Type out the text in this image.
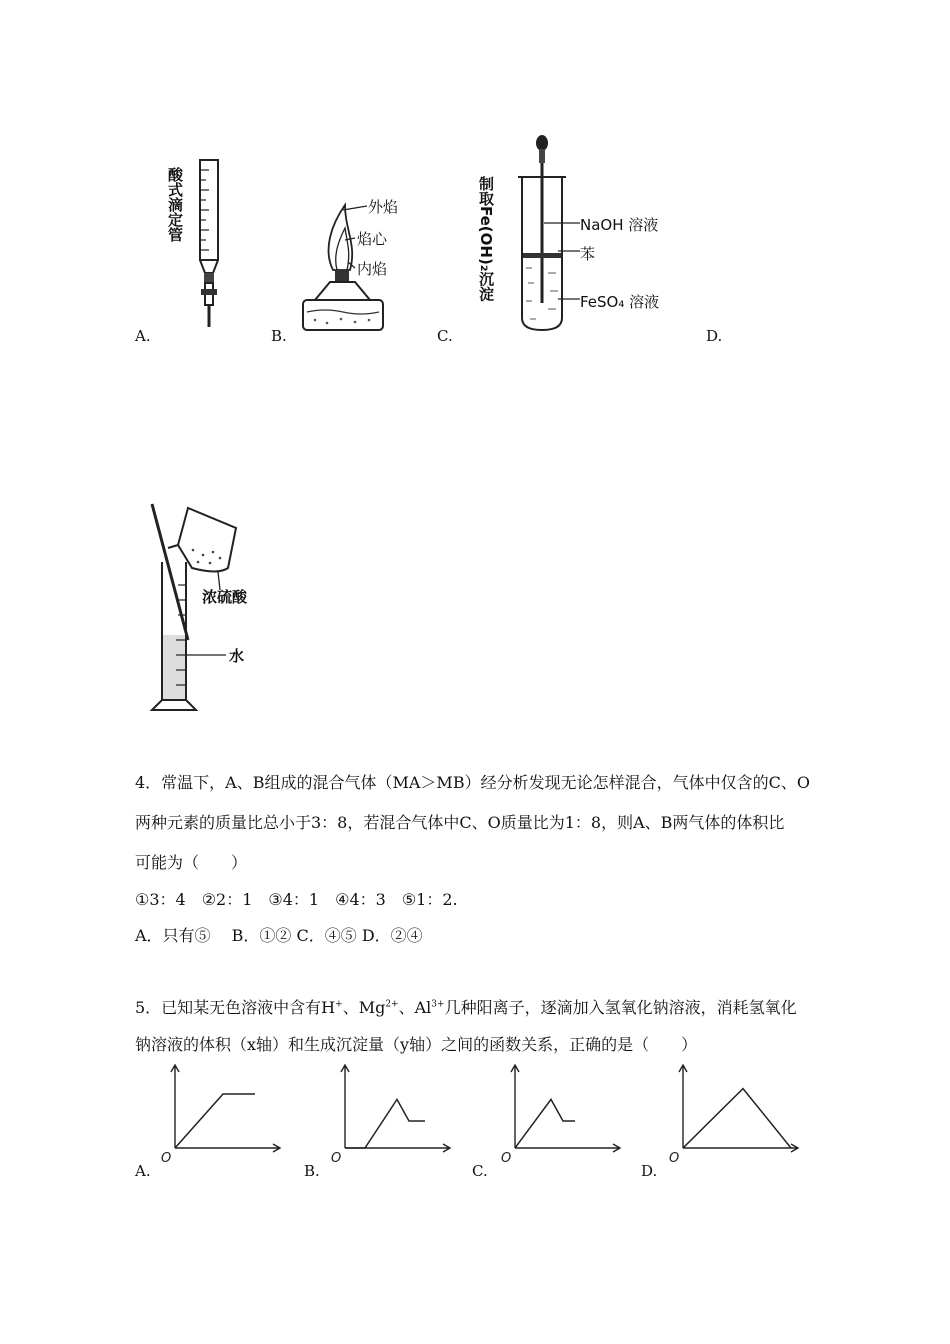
酸式滴定管
A.
外焰
焰心
内焰
B.	C.
制取Fe(OH)₂沉淀	NaOH 溶液
苯
FeSO₄ 溶液
D.
浓硫酸
水
4．常温下，A、B组成的混合气体（MA＞MB）经分析发现无论怎样混合，气体中仅含的C、O
两种元素的质量比总小于3：8，若混合气体中C、O质量比为1：8，则A、B两气体的体积比
可能为（　　）
①3：4　②2：1　③4：1　④4：3　⑤1：2.
A．只有⑤　 B．①② C．④⑤ D．②④
5．已知某无色溶液中含有H+、$Mg^{2+}$、$Al^{3+}$几种阳离子，逐滴加入氢氧化钠溶液，消耗氢氧化
钠溶液的体积（x轴）和生成沉淀量（y轴）之间的函数关系，正确的是（　　）
O
A.
O
B.
O
C.
O
D.
